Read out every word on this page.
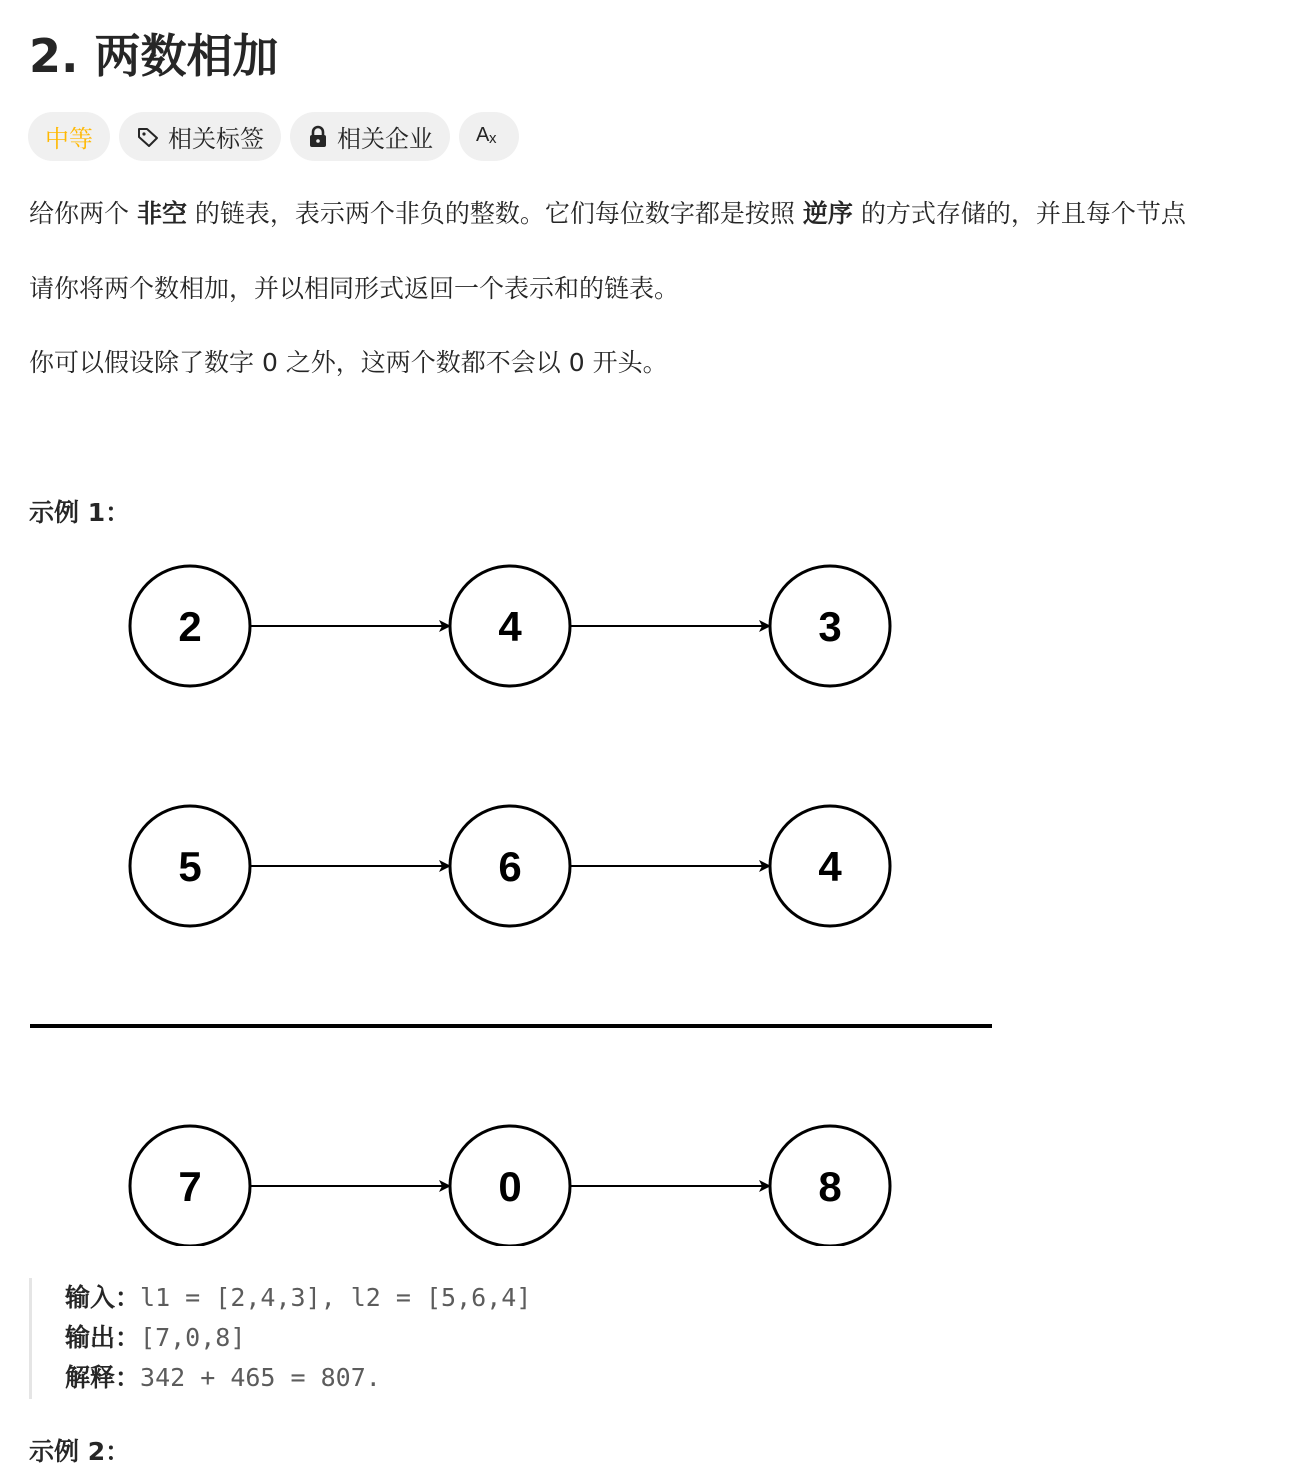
2. 两数相加
中等	相关标签	相关企业 A x

给你两个 非空 的链表，表示两个非负的整数。它们每位数字都是按照 逆序 的方式存储的，并且每个节点

请你将两个数相加，并以相同形式返回一个表示和的链表。

你可以假设除了数字 0 之外，这两个数都不会以 0 开头。

示例 1：
2	4	3
5	6	4
7	0	8
输入：l1 = [2,4,3], l2 = [5,6,4]
输出：[7,0,8]
解释：342 + 465 = 807.
示例 2：
